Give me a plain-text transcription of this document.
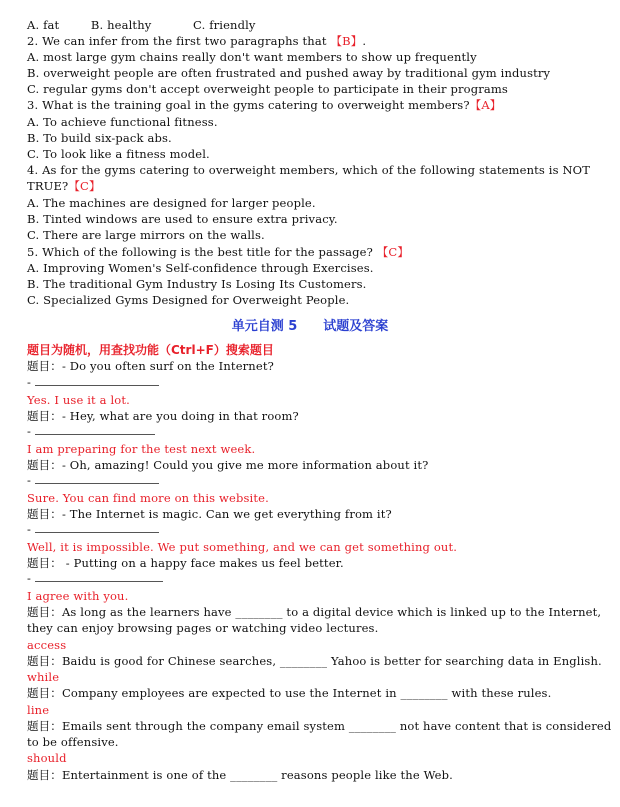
A. fat	B. healthy	C. friendly
2. We can infer from the first two paragraphs that 【B】.
A. most large gym chains really don't want members to show up frequently
B. overweight people are often frustrated and pushed away by traditional gym industry
C. regular gyms don't accept overweight people to participate in their programs
3. What is the training goal in the gyms catering to overweight members?【A】
A. To achieve functional fitness.
B. To build six-pack abs.
C. To look like a fitness model.
4. As for the gyms catering to overweight members, which of the following statements is NOT
TRUE?【C】
A. The machines are designed for larger people.
B. Tinted windows are used to ensure extra privacy.
C. There are large mirrors on the walls.
5. Which of the following is the best title for the passage? 【C】
A. Improving Women's Self-confidence through Exercises.
B. The traditional Gym Industry Is Losing Its Customers.
C. Specialized Gyms Designed for Overweight People.
单元自测 5 试题及答案
题目为随机，用查找功能（Ctrl+F）搜索题目
题目：- Do you often surf on the Internet?
-
Yes. I use it a lot.
题目：- Hey, what are you doing in that room?
-
I am preparing for the test next week.
题目：- Oh, amazing! Could you give me more information about it?
-
Sure. You can find more on this website.
题目：- The Internet is magic. Can we get everything from it?
-
Well, it is impossible. We put something, and we can get something out.
题目： - Putting on a happy face makes us feel better.
-
I agree with you.
题目：As long as the learners have ________ to a digital device which is linked up to the Internet,
they can enjoy browsing pages or watching video lectures.
access
题目：Baidu is good for Chinese searches, ________ Yahoo is better for searching data in English.
while
题目：Company employees are expected to use the Internet in ________ with these rules.
line
题目：Emails sent through the company email system ________ not have content that is considered
to be offensive.
should
题目：Entertainment is one of the ________ reasons people like the Web.
